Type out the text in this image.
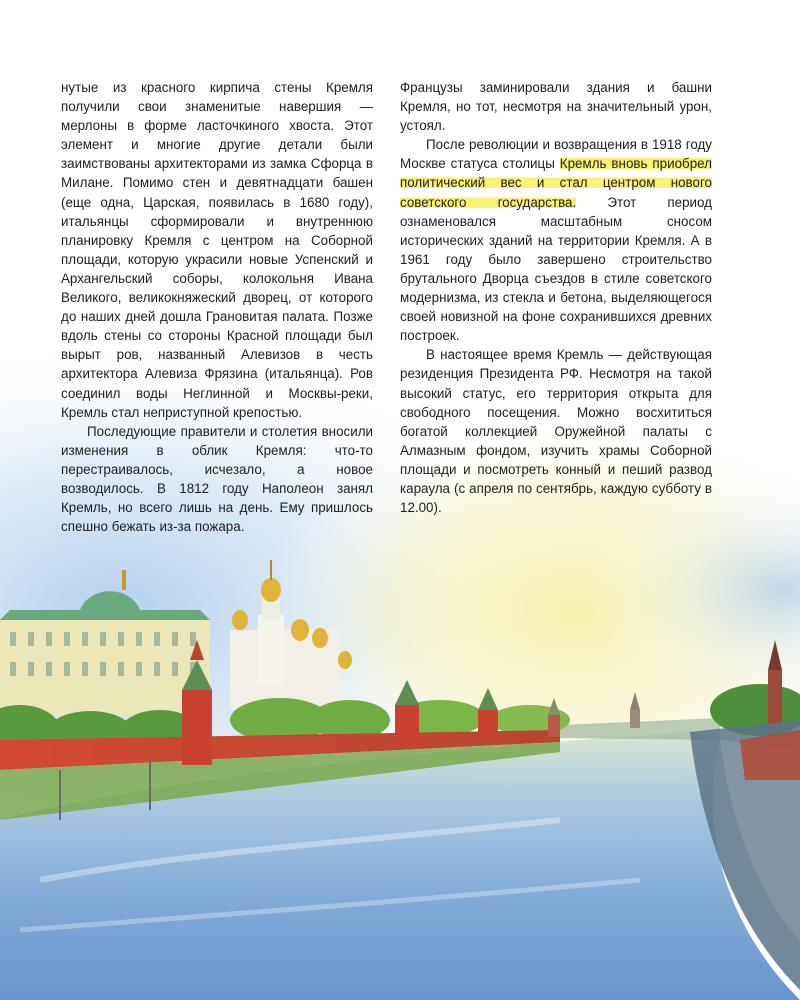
нутые из красного кирпича стены Кремля получили свои знаменитые навершия — мерлоны в форме ласточкиного хвоста. Этот элемент и многие другие детали были заимствованы архитекторами из замка Сфорца в Милане. Помимо стен и девятнадцати башен (еще одна, Царская, появилась в 1680 году), итальянцы сформировали и внутреннюю планировку Кремля с центром на Соборной площади, которую украсили новые Успенский и Архангельский соборы, колокольня Ивана Великого, великокняжеский дворец, от которого до наших дней дошла Грановитая палата. Позже вдоль стены со стороны Красной площади был вырыт ров, названный Алевизов в честь архитектора Алевиза Фрязина (итальянца). Ров соединил воды Неглинной и Москвы-реки, Кремль стал неприступной крепостью.

Последующие правители и столетия вносили изменения в облик Кремля: что-то перестраивалось, исчезало, а новое возводилось. В 1812 году Наполеон занял Кремль, но всего лишь на день. Ему пришлось спешно бежать из-за пожара.

Французы заминировали здания и башни Кремля, но тот, несмотря на значительный урон, устоял.

После революции и возвращения в 1918 году Москве статуса столицы Кремль вновь приобрел политический вес и стал центром нового советского государства. Этот период ознаменовался масштабным сносом исторических зданий на территории Кремля. А в 1961 году было завершено строительство брутального Дворца съездов в стиле советского модернизма, из стекла и бетона, выделяющегося своей новизной на фоне сохранившихся древних построек.

В настоящее время Кремль — действующая резиденция Президента РФ. Несмотря на такой высокий статус, его территория открыта для свободного посещения. Можно восхититься богатой коллекцией Оружейной палаты с Алмазным фондом, изучить храмы Соборной площади и посмотреть конный и пеший развод караула (с апреля по сентябрь, каждую субботу в 12.00).
